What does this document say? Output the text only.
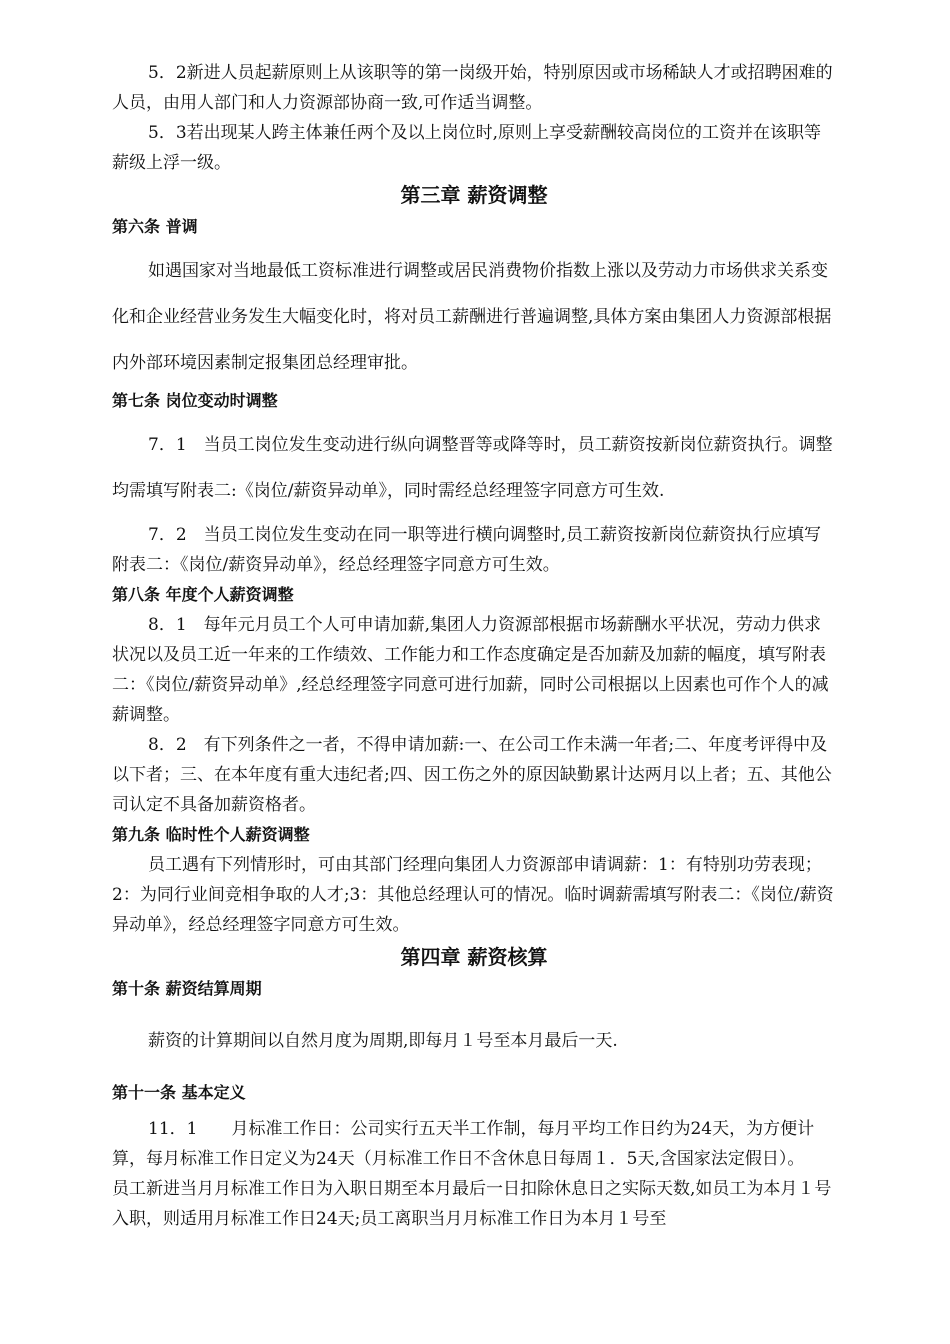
5．2新进人员起薪原则上从该职等的第一岗级开始，特别原因或市场稀缺人才或招聘困难的人员，由用人部门和人力资源部协商一致,可作适当调整。

5．3若出现某人跨主体兼任两个及以上岗位时,原则上享受薪酬较高岗位的工资并在该职等薪级上浮一级。

第三章 薪资调整

第六条 普调

如遇国家对当地最低工资标准进行调整或居民消费物价指数上涨以及劳动力市场供求关系变化和企业经营业务发生大幅变化时，将对员工薪酬进行普遍调整,具体方案由集团人力资源部根据内外部环境因素制定报集团总经理审批。

第七条 岗位变动时调整

7．1　当员工岗位发生变动进行纵向调整晋等或降等时，员工薪资按新岗位薪资执行。调整均需填写附表二:《岗位/薪资异动单》，同时需经总经理签字同意方可生效.

7．2　当员工岗位发生变动在同一职等进行横向调整时,员工薪资按新岗位薪资执行应填写附表二：《岗位/薪资异动单》，经总经理签字同意方可生效。

第八条 年度个人薪资调整

8．1　每年元月员工个人可申请加薪,集团人力资源部根据市场薪酬水平状况，劳动力供求状况以及员工近一年来的工作绩效、工作能力和工作态度确定是否加薪及加薪的幅度，填写附表二：《岗位/薪资异动单》,经总经理签字同意可进行加薪，同时公司根据以上因素也可作个人的减薪调整。

8．2　有下列条件之一者，不得申请加薪:一、在公司工作未满一年者;二、年度考评得中及以下者；三、在本年度有重大违纪者;四、因工伤之外的原因缺勤累计达两月以上者；五、其他公司认定不具备加薪资格者。

第九条 临时性个人薪资调整

员工遇有下列情形时，可由其部门经理向集团人力资源部申请调薪：1：有特别功劳表现；2：为同行业间竞相争取的人才;3：其他总经理认可的情况。临时调薪需填写附表二：《岗位/薪资异动单》，经总经理签字同意方可生效。

第四章 薪资核算

第十条 薪资结算周期

薪资的计算期间以自然月度为周期,即每月１号至本月最后一天.

第十一条 基本定义

11．1　　月标准工作日：公司实行五天半工作制，每月平均工作日约为24天，为方便计算，每月标准工作日定义为24天（月标准工作日不含休息日每周１．5天,含国家法定假日）。

员工新进当月月标准工作日为入职日期至本月最后一日扣除休息日之实际天数,如员工为本月１号入职，则适用月标准工作日24天;员工离职当月月标准工作日为本月１号至
